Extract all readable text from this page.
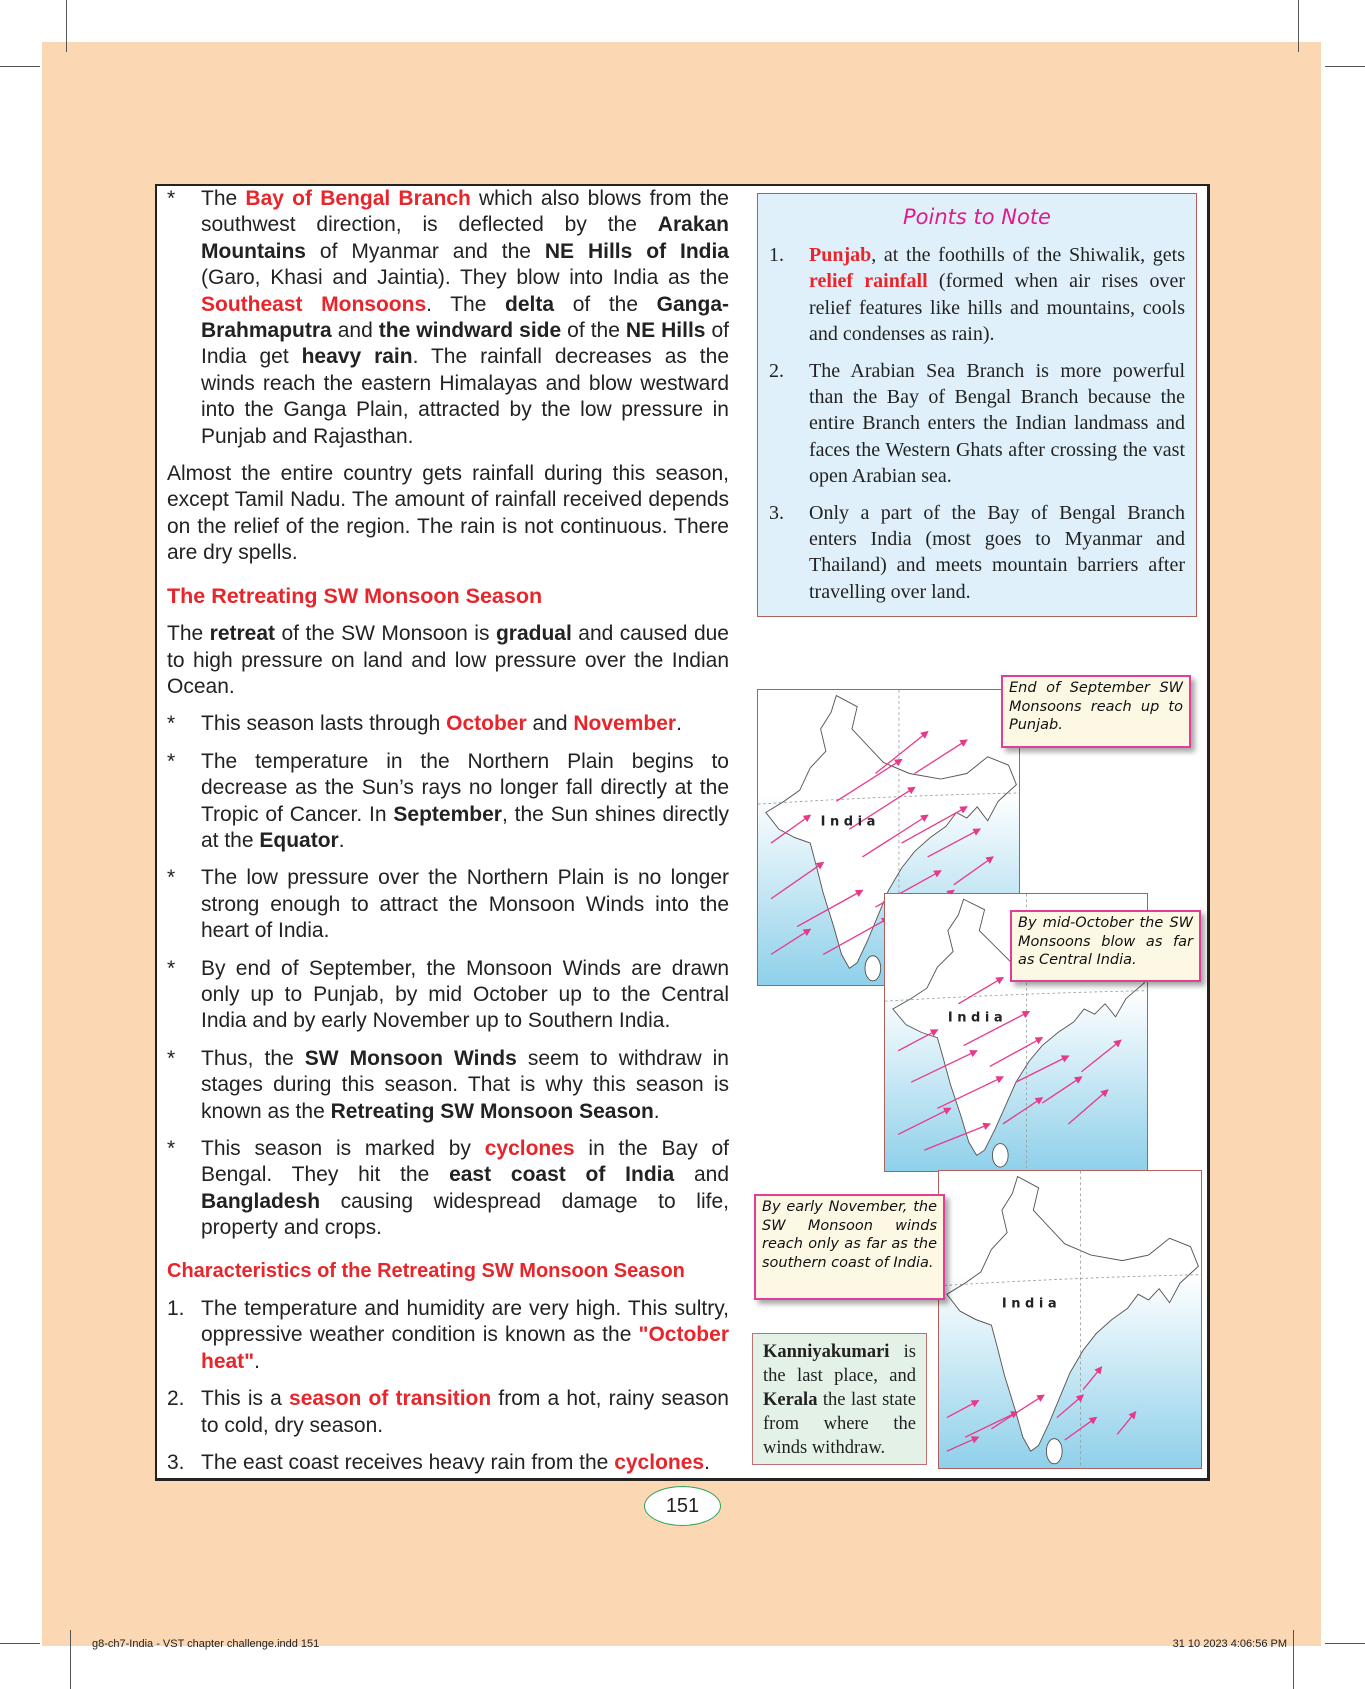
* The Bay of Bengal Branch which also blows from the southwest direction, is deflected by the Arakan Mountains of Myanmar and the NE Hills of India (Garo, Khasi and Jaintia). They blow into India as the Southeast Monsoons. The delta of the Ganga-Brahmaputra and the windward side of the NE Hills of India get heavy rain. The rainfall decreases as the winds reach the eastern Himalayas and blow westward into the Ganga Plain, attracted by the low pressure in Punjab and Rajasthan.
Almost the entire country gets rainfall during this season, except Tamil Nadu. The amount of rainfall received depends on the relief of the region. The rain is not continuous. There are dry spells.
The Retreating SW Monsoon Season
The retreat of the SW Monsoon is gradual and caused due to high pressure on land and low pressure over the Indian Ocean.
* This season lasts through October and November.
* The temperature in the Northern Plain begins to decrease as the Sun’s rays no longer fall directly at the Tropic of Cancer. In September, the Sun shines directly at the Equator.
* The low pressure over the Northern Plain is no longer strong enough to attract the Monsoon Winds into the heart of India.
* By end of September, the Monsoon Winds are drawn only up to Punjab, by mid October up to the Central India and by early November up to Southern India.
* Thus, the SW Monsoon Winds seem to withdraw in stages during this season. That is why this season is known as the Retreating SW Monsoon Season.
* This season is marked by cyclones in the Bay of Bengal. They hit the east coast of India and Bangladesh causing widespread damage to life, property and crops.
Characteristics of the Retreating SW Monsoon Season
1. The temperature and humidity are very high. This sultry, oppressive weather condition is known as the "October heat".
2. This is a season of transition from a hot, rainy season to cold, dry season.
3. The east coast receives heavy rain from the cyclones.
Points to Note
1. Punjab, at the foothills of the Shiwalik, gets relief rainfall (formed when air rises over relief features like hills and mountains, cools and condenses as rain).
2. The Arabian Sea Branch is more powerful than the Bay of Bengal Branch because the entire Branch enters the Indian landmass and faces the Western Ghats after crossing the vast open Arabian sea.
3. Only a part of the Bay of Bengal Branch enters India (most goes to Myanmar and Thailand) and meets mountain barriers after travelling over land.
I n d i a
I n d i a
I n d i a
End of September SW Monsoons reach up to Punjab.
By mid-October the SW Monsoons blow as far as Central India.
By early November, the SW Monsoon winds reach only as far as the southern coast of India.
Kanniyakumari is the last place, and Kerala the last state from where the winds withdraw.
151
g8-ch7-India - VST chapter challenge.indd 151	31 10 2023 4:06:56 PM
